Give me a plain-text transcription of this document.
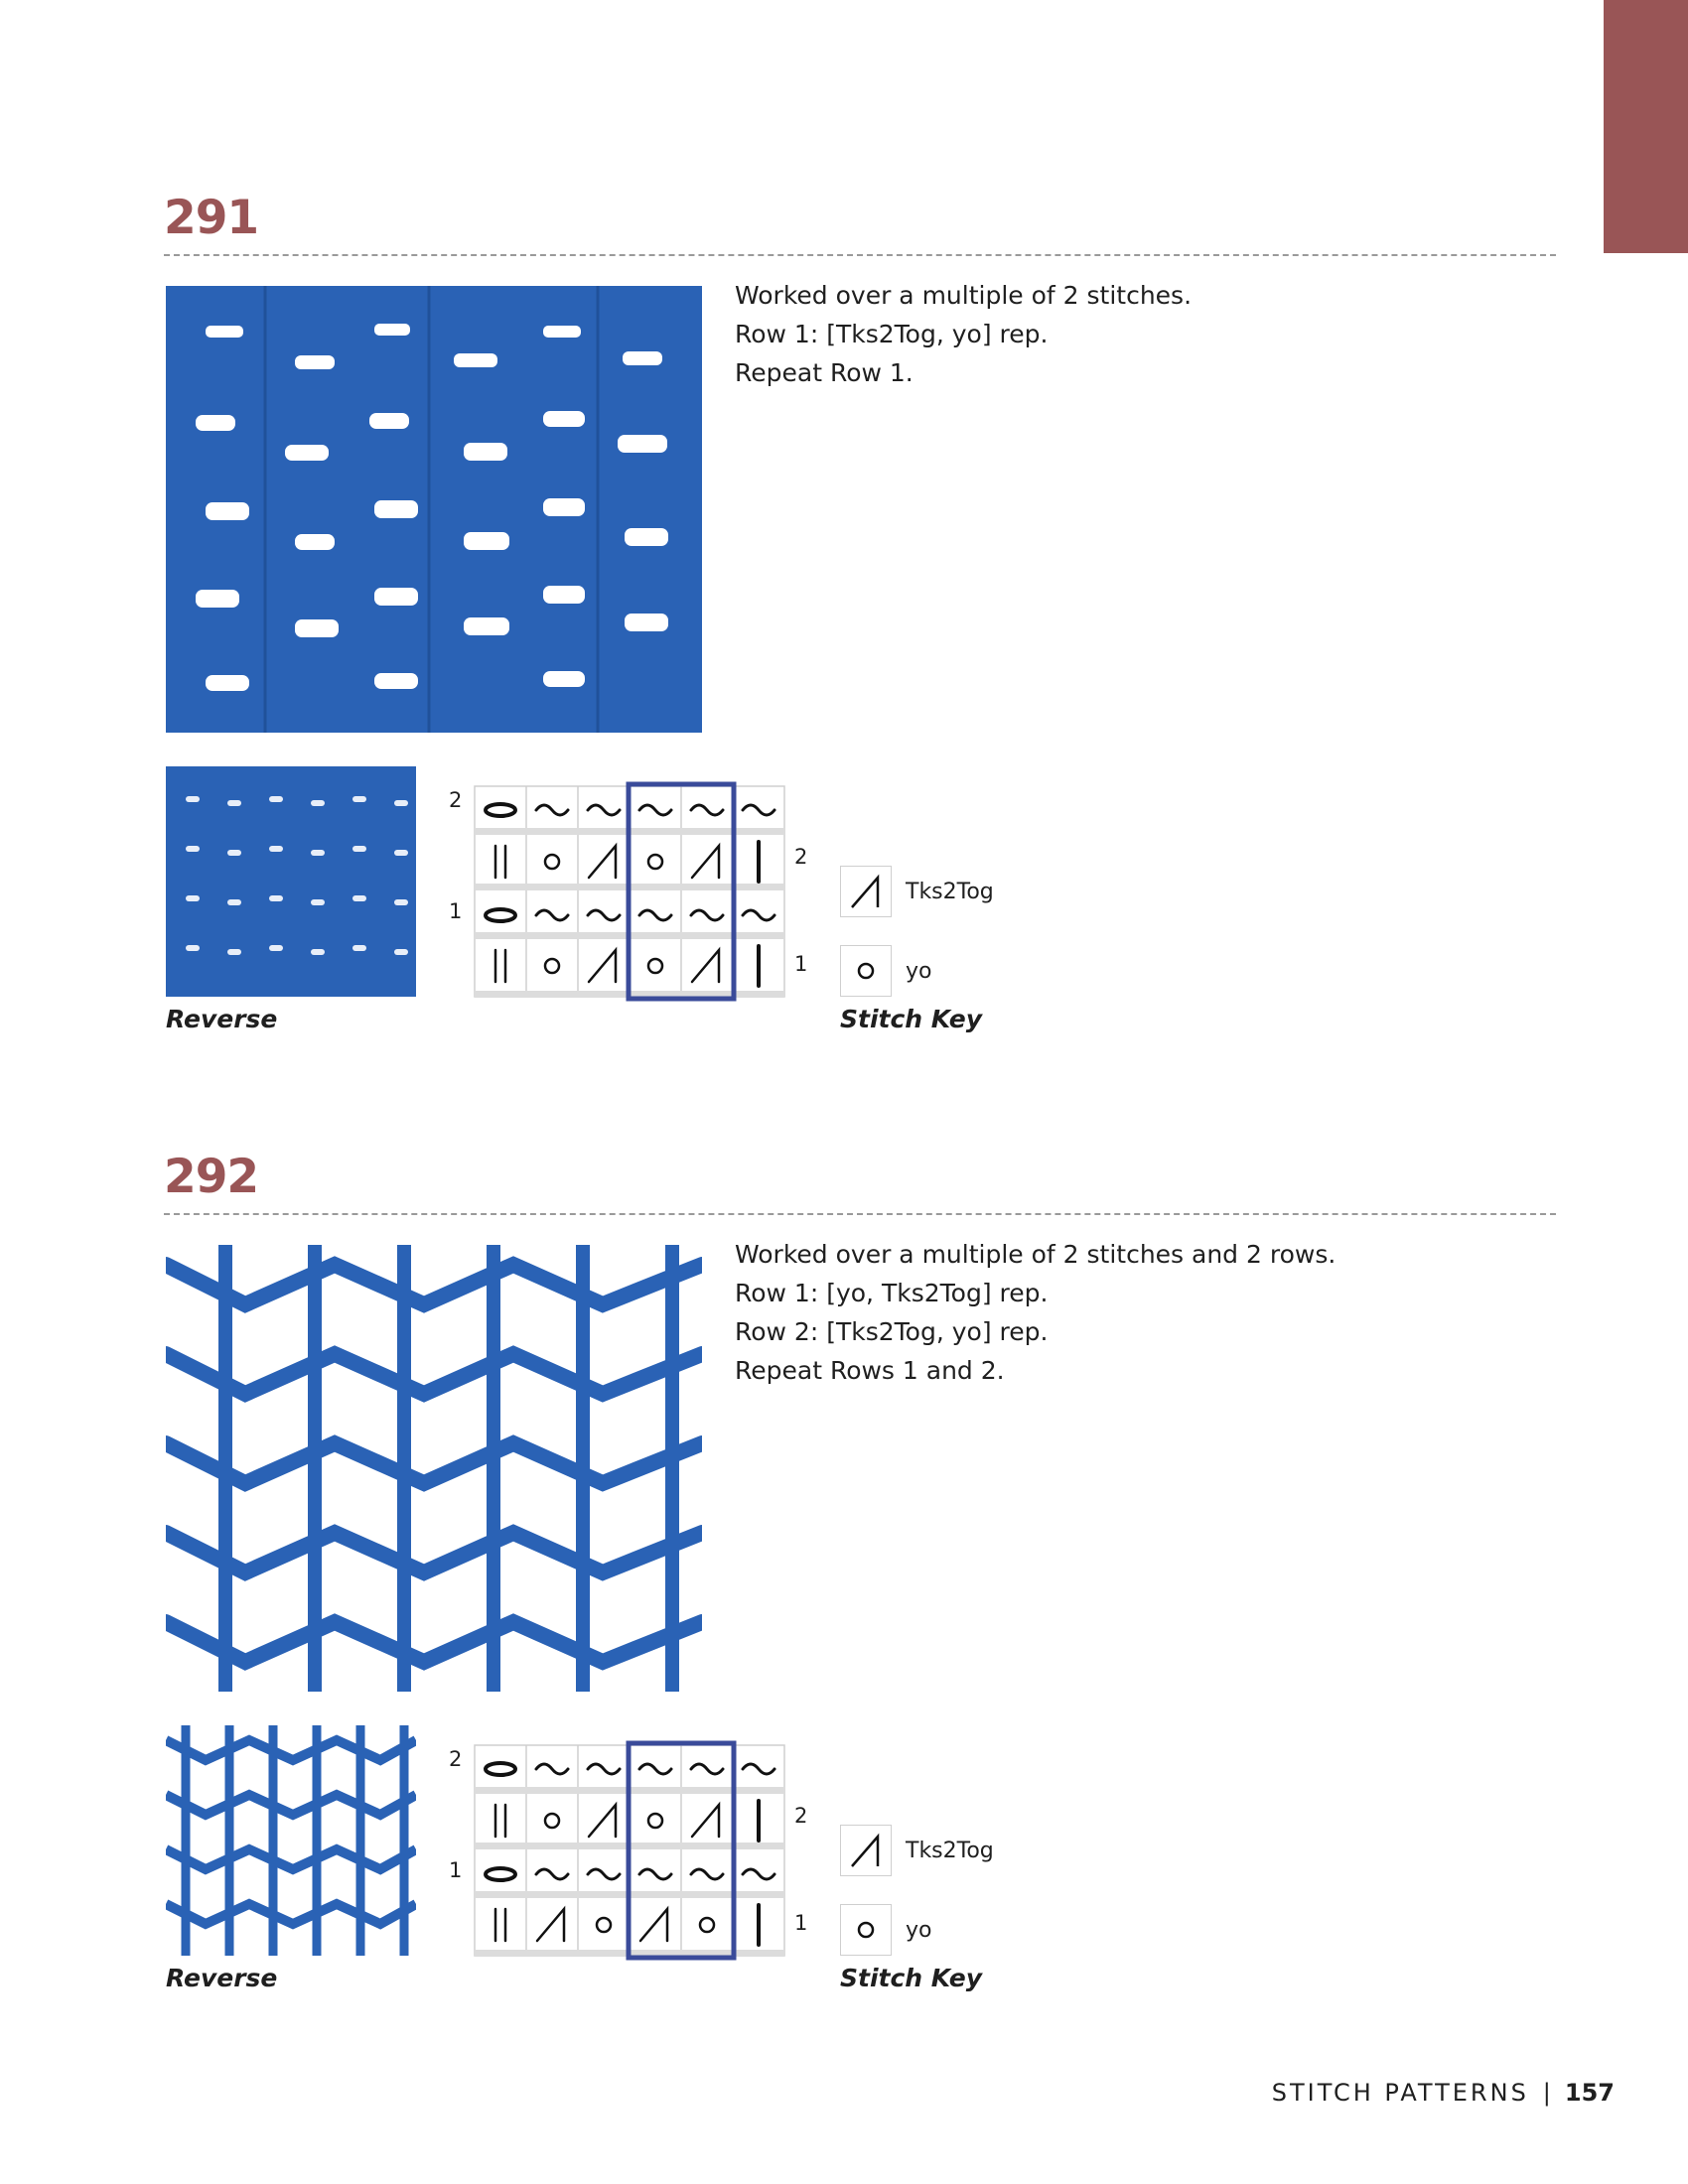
291
Worked over a multiple of 2 stitches.
Row 1: [Tks2Tog, yo] rep.
Repeat Row 1.
Reverse
2
1
2
1
Tks2Tog
yo
Stitch Key
292
Worked over a multiple of 2 stitches and 2 rows.
Row 1: [yo, Tks2Tog] rep.
Row 2: [Tks2Tog, yo] rep.
Repeat Rows 1 and 2.
Reverse
2
1
2
1
Tks2Tog
yo
Stitch Key
STITCH PATTERNS | 157
